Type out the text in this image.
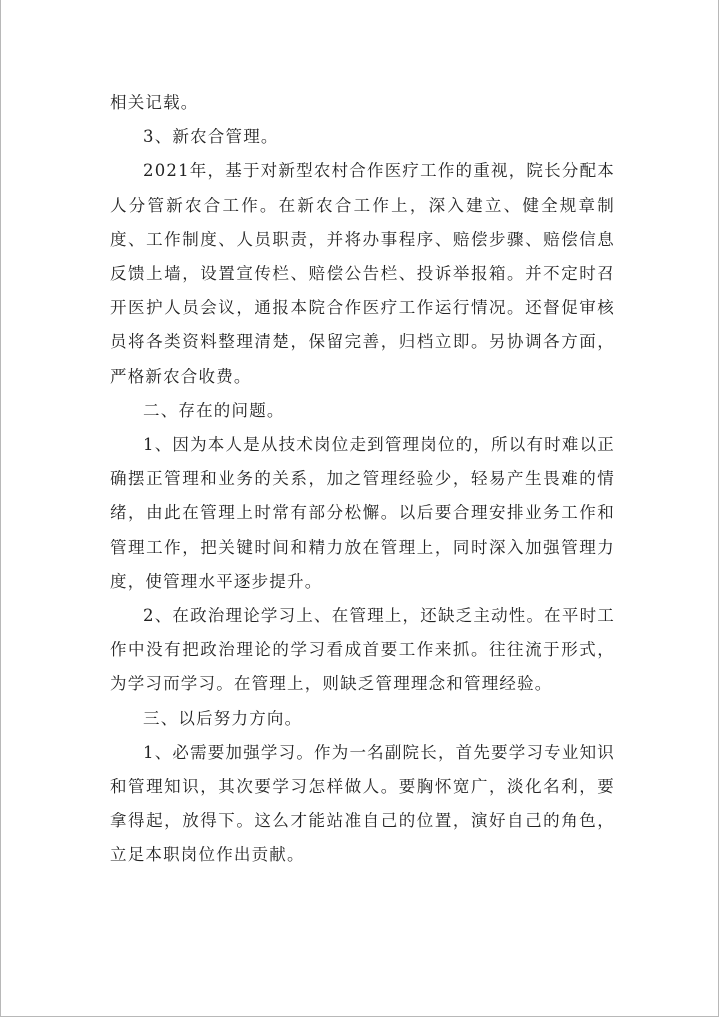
相关记载。

3、新农合管理。

2021年，基于对新型农村合作医疗工作的重视，院长分配本人分管新农合工作。在新农合工作上，深入建立、健全规章制度、工作制度、人员职责，并将办事程序、赔偿步骤、赔偿信息反馈上墙，设置宣传栏、赔偿公告栏、投诉举报箱。并不定时召开医护人员会议，通报本院合作医疗工作运行情况。还督促审核员将各类资料整理清楚，保留完善，归档立即。另协调各方面，严格新农合收费。

二、存在的问题。

1、因为本人是从技术岗位走到管理岗位的，所以有时难以正确摆正管理和业务的关系，加之管理经验少，轻易产生畏难的情绪，由此在管理上时常有部分松懈。以后要合理安排业务工作和管理工作，把关键时间和精力放在管理上，同时深入加强管理力度，使管理水平逐步提升。

2、在政治理论学习上、在管理上，还缺乏主动性。在平时工作中没有把政治理论的学习看成首要工作来抓。往往流于形式，为学习而学习。在管理上，则缺乏管理理念和管理经验。

三、以后努力方向。

1、必需要加强学习。作为一名副院长，首先要学习专业知识和管理知识，其次要学习怎样做人。要胸怀宽广，淡化名利，要拿得起，放得下。这么才能站准自己的位置，演好自己的角色，立足本职岗位作出贡献。
